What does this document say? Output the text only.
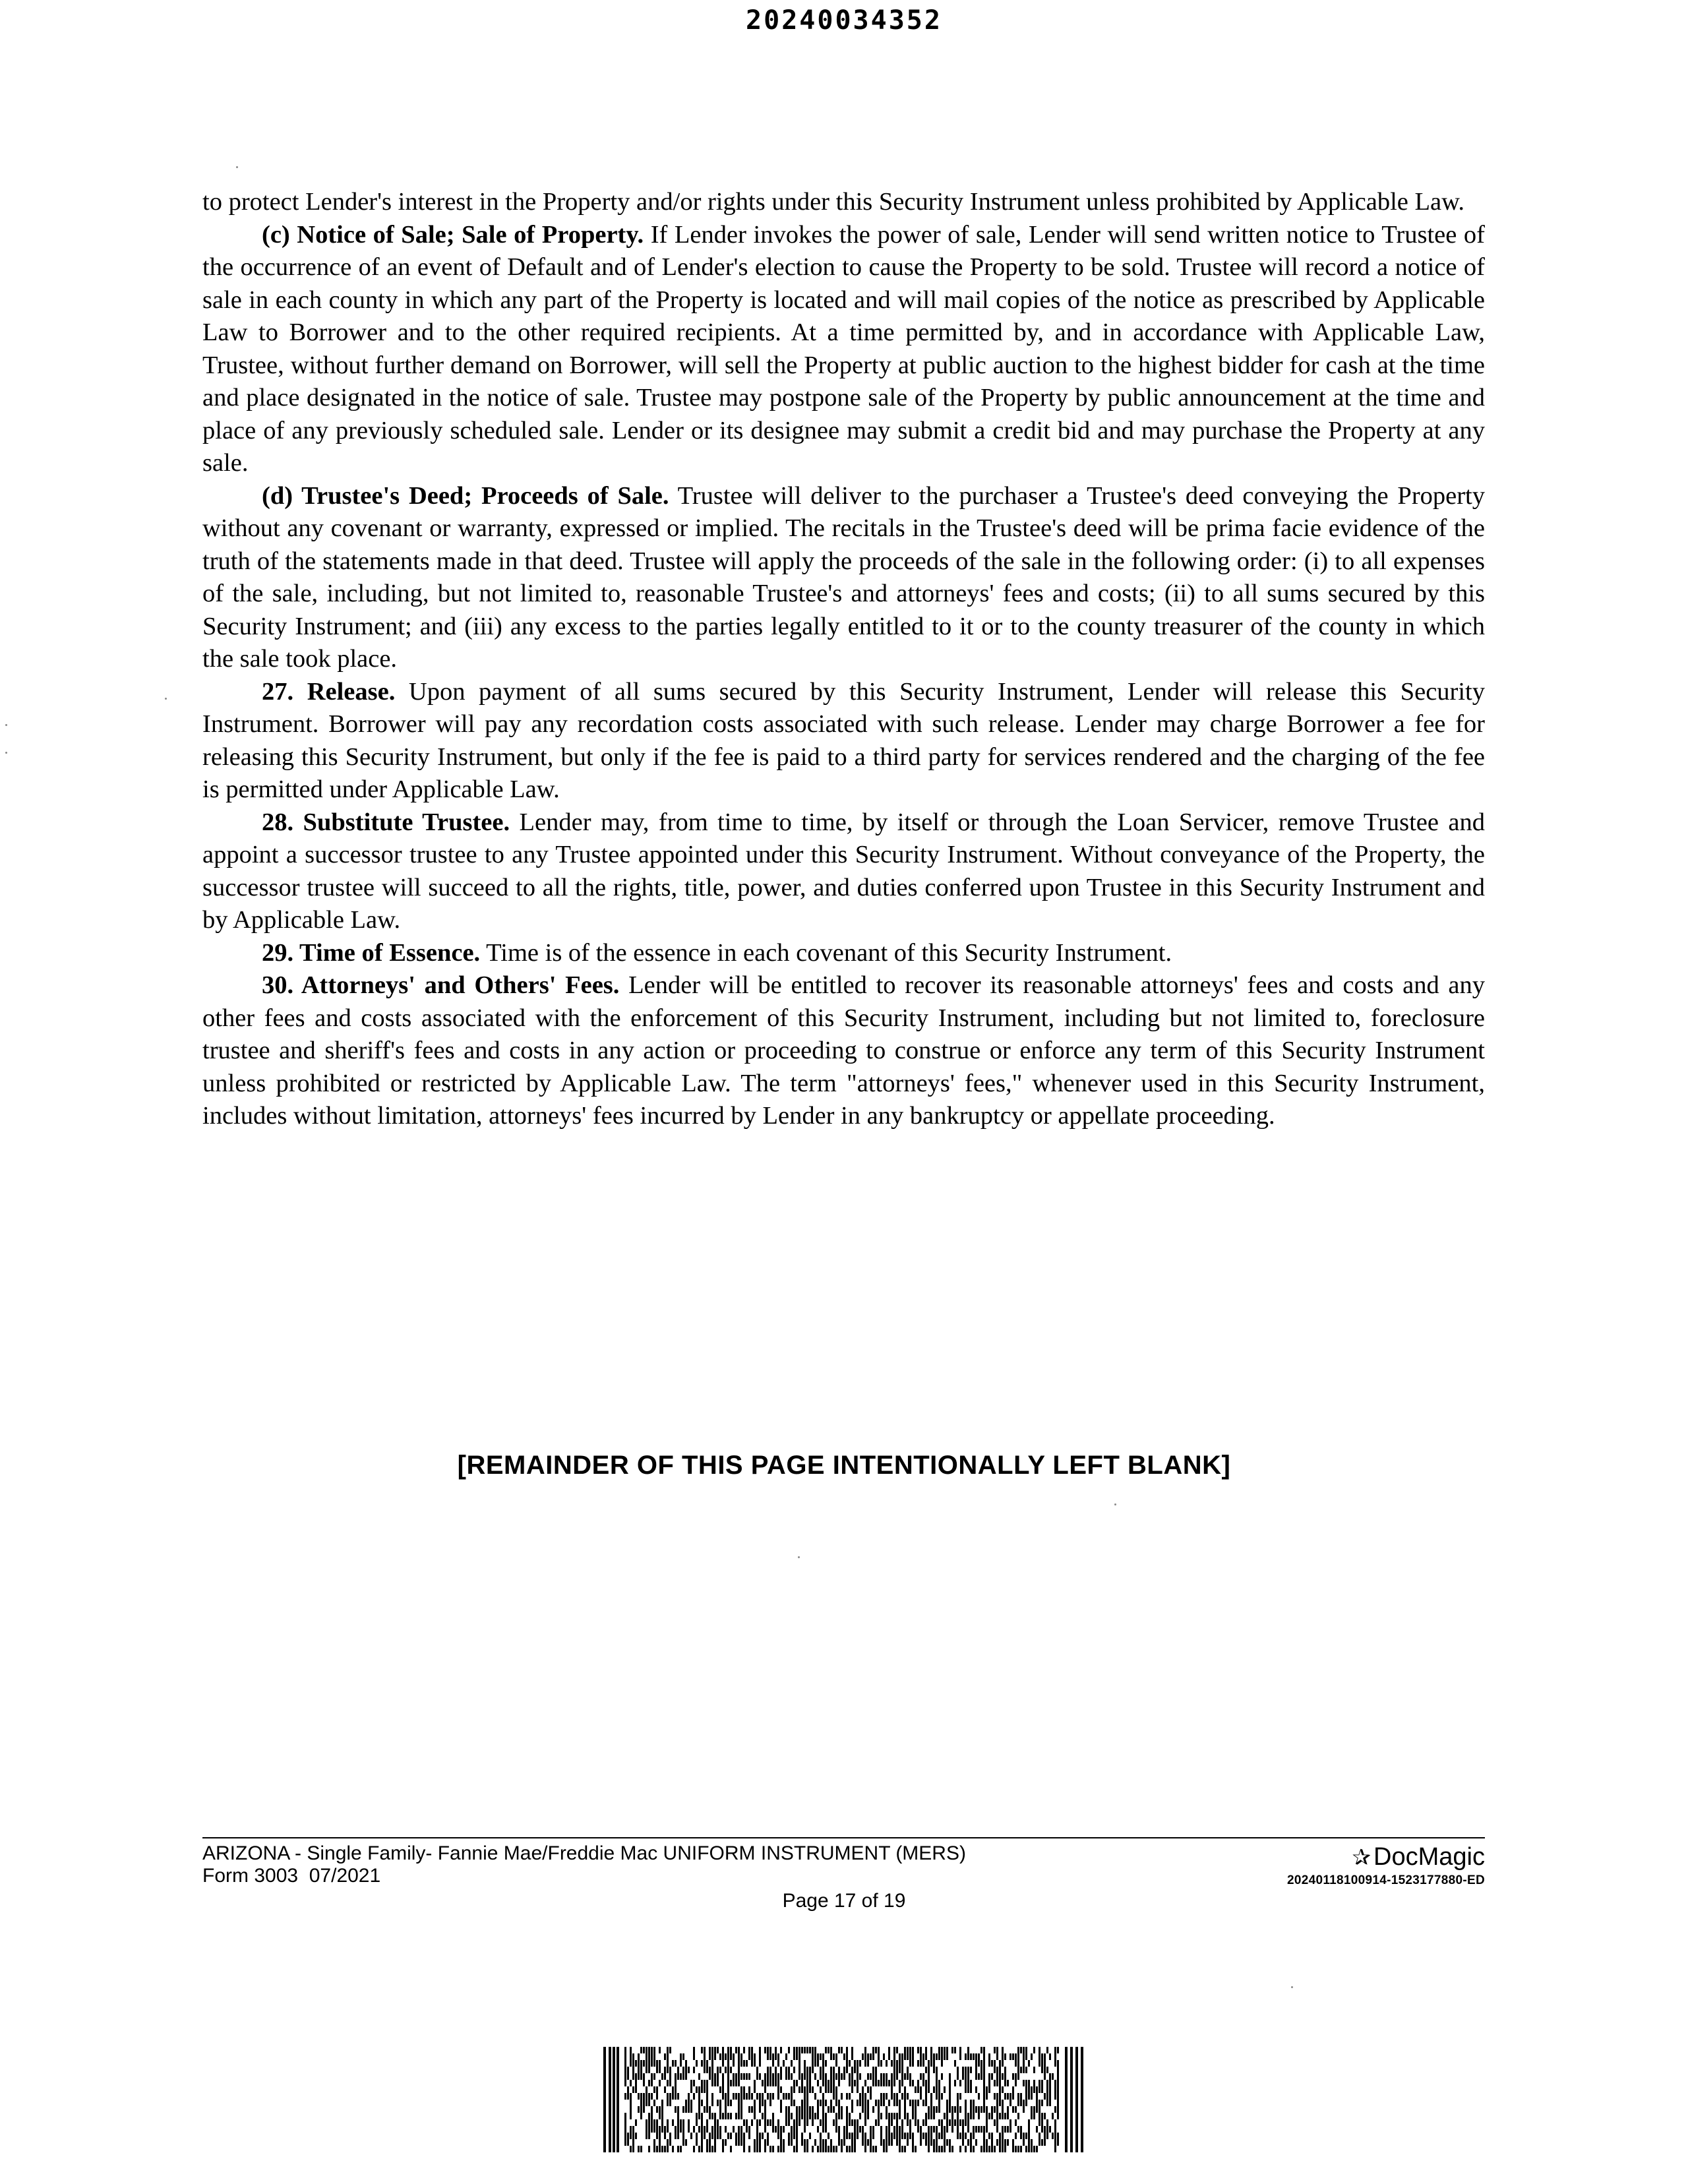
20240034352

to protect Lender's interest in the Property and/or rights under this Security Instrument unless prohibited by Applicable Law.

(c) Notice of Sale; Sale of Property. If Lender invokes the power of sale, Lender will send written notice to Trustee of the occurrence of an event of Default and of Lender's election to cause the Property to be sold. Trustee will record a notice of sale in each county in which any part of the Property is located and will mail copies of the notice as prescribed by Applicable Law to Borrower and to the other required recipients. At a time permitted by, and in accordance with Applicable Law, Trustee, without further demand on Borrower, will sell the Property at public auction to the highest bidder for cash at the time and place designated in the notice of sale. Trustee may postpone sale of the Property by public announcement at the time and place of any previously scheduled sale. Lender or its designee may submit a credit bid and may purchase the Property at any sale.

(d) Trustee's Deed; Proceeds of Sale. Trustee will deliver to the purchaser a Trustee's deed conveying the Property without any covenant or warranty, expressed or implied. The recitals in the Trustee's deed will be prima facie evidence of the truth of the statements made in that deed. Trustee will apply the proceeds of the sale in the following order: (i) to all expenses of the sale, including, but not limited to, reasonable Trustee's and attorneys' fees and costs; (ii) to all sums secured by this Security Instrument; and (iii) any excess to the parties legally entitled to it or to the county treasurer of the county in which the sale took place.

27. Release. Upon payment of all sums secured by this Security Instrument, Lender will release this Security Instrument. Borrower will pay any recordation costs associated with such release. Lender may charge Borrower a fee for releasing this Security Instrument, but only if the fee is paid to a third party for services rendered and the charging of the fee is permitted under Applicable Law.

28. Substitute Trustee. Lender may, from time to time, by itself or through the Loan Servicer, remove Trustee and appoint a successor trustee to any Trustee appointed under this Security Instrument. Without conveyance of the Property, the successor trustee will succeed to all the rights, title, power, and duties conferred upon Trustee in this Security Instrument and by Applicable Law.

29. Time of Essence. Time is of the essence in each covenant of this Security Instrument.

30. Attorneys' and Others' Fees. Lender will be entitled to recover its reasonable attorneys' fees and costs and any other fees and costs associated with the enforcement of this Security Instrument, including but not limited to, foreclosure trustee and sheriff's fees and costs in any action or proceeding to construe or enforce any term of this Security Instrument unless prohibited or restricted by Applicable Law. The term "attorneys' fees," whenever used in this Security Instrument, includes without limitation, attorneys' fees incurred by Lender in any bankruptcy or appellate proceeding.

[REMAINDER OF THIS PAGE INTENTIONALLY LEFT BLANK]
ARIZONA - Single Family- Fannie Mae/Freddie Mac UNIFORM INSTRUMENT (MERS)
Form 3003  07/2021
Page 17 of 19
✰ DocMagic
20240118100914-1523177880-ED
